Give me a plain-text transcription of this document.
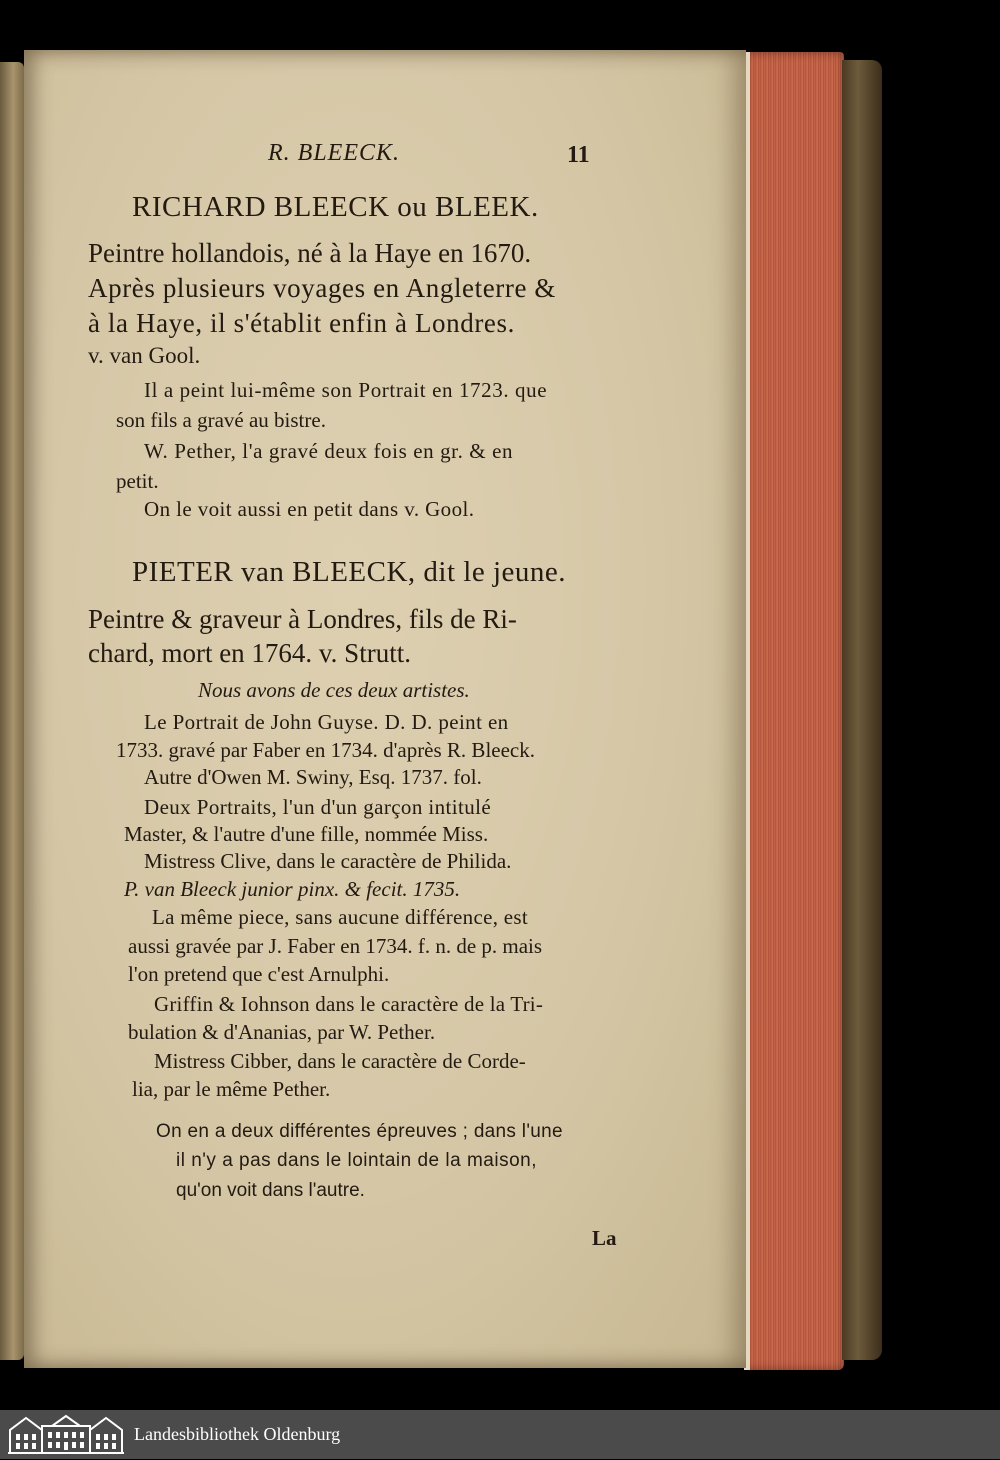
R. BLEECK.	11
RICHARD BLEECK ou BLEEK.
Peintre hollandois, né à la Haye en 1670.
Après plusieurs voyages en Angleterre &
à la Haye, il s'établit enfin à Londres.
v. van Gool.
Il a peint lui-même son Portrait en 1723. que
son fils a gravé au bistre.
W. Pether, l'a gravé deux fois en gr. & en
petit.
On le voit aussi en petit dans v. Gool.
PIETER van BLEECK, dit le jeune.
Peintre & graveur à Londres, fils de Ri-
chard, mort en 1764. v. Strutt.
Nous avons de ces deux artistes.
Le Portrait de John Guyse. D. D. peint en
1733. gravé par Faber en 1734. d'après R. Bleeck.
Autre d'Owen M. Swiny, Esq. 1737. fol.
Deux Portraits, l'un d'un garçon intitulé
Master, & l'autre d'une fille, nommée Miss.
Mistress Clive, dans le caractère de Philida.
P. van Bleeck junior pinx. & fecit. 1735.
La même piece, sans aucune différence, est
aussi gravée par J. Faber en 1734. f. n. de p. mais
l'on pretend que c'est Arnulphi.
Griffin & Iohnson dans le caractère de la Tri-
bulation & d'Ananias, par W. Pether.
Mistress Cibber, dans le caractère de Corde-
lia, par le même Pether.
On en a deux différentes épreuves ; dans l'une
il n'y a pas dans le lointain de la maison,
qu'on voit dans l'autre.
La
Landesbibliothek Oldenburg
